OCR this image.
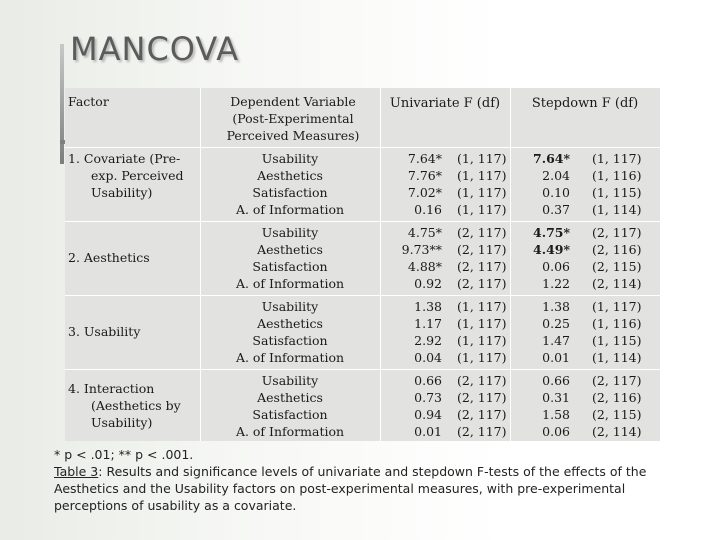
MANCOVA
Factor	Dependent Variable (Post-Experimental Perceived Measures)
Univariate F (df)	Stepdown F (df)
1. Covariate (Pre-exp. Perceived Usability)
Usability
Aesthetics
Satisfaction
A. of Information
7.64*
7.76*
7.02*
0.16
(1, 117)
(1, 117)
(1, 117)
(1, 117)
7.64*
2.04
0.10
0.37
(1, 117)
(1, 116)
(1, 115)
(1, 114)
2. Aesthetics
Usability
Aesthetics
Satisfaction
A. of Information
4.75*
9.73**
4.88*
0.92
(2, 117)
(2, 117)
(2, 117)
(2, 117)
4.75*
4.49*
0.06
1.22
(2, 117)
(2, 116)
(2, 115)
(2, 114)
3. Usability
Usability
Aesthetics
Satisfaction
A. of Information
1.38
1.17
2.92
0.04
(1, 117)
(1, 117)
(1, 117)
(1, 117)
1.38
0.25
1.47
0.01
(1, 117)
(1, 116)
(1, 115)
(1, 114)
4. Interaction (Aesthetics by Usability)
Usability
Aesthetics
Satisfaction
A. of Information
0.66
0.73
0.94
0.01
(2, 117)
(2, 117)
(2, 117)
(2, 117)
0.66
0.31
1.58
0.06
(2, 117)
(2, 116)
(2, 115)
(2, 114)
* p < .01; ** p < .001.
Table 3: Results and significance levels of univariate and stepdown F-tests of the effects of the Aesthetics and the Usability factors on post-experimental measures, with pre-experimental perceptions of usability as a covariate.
